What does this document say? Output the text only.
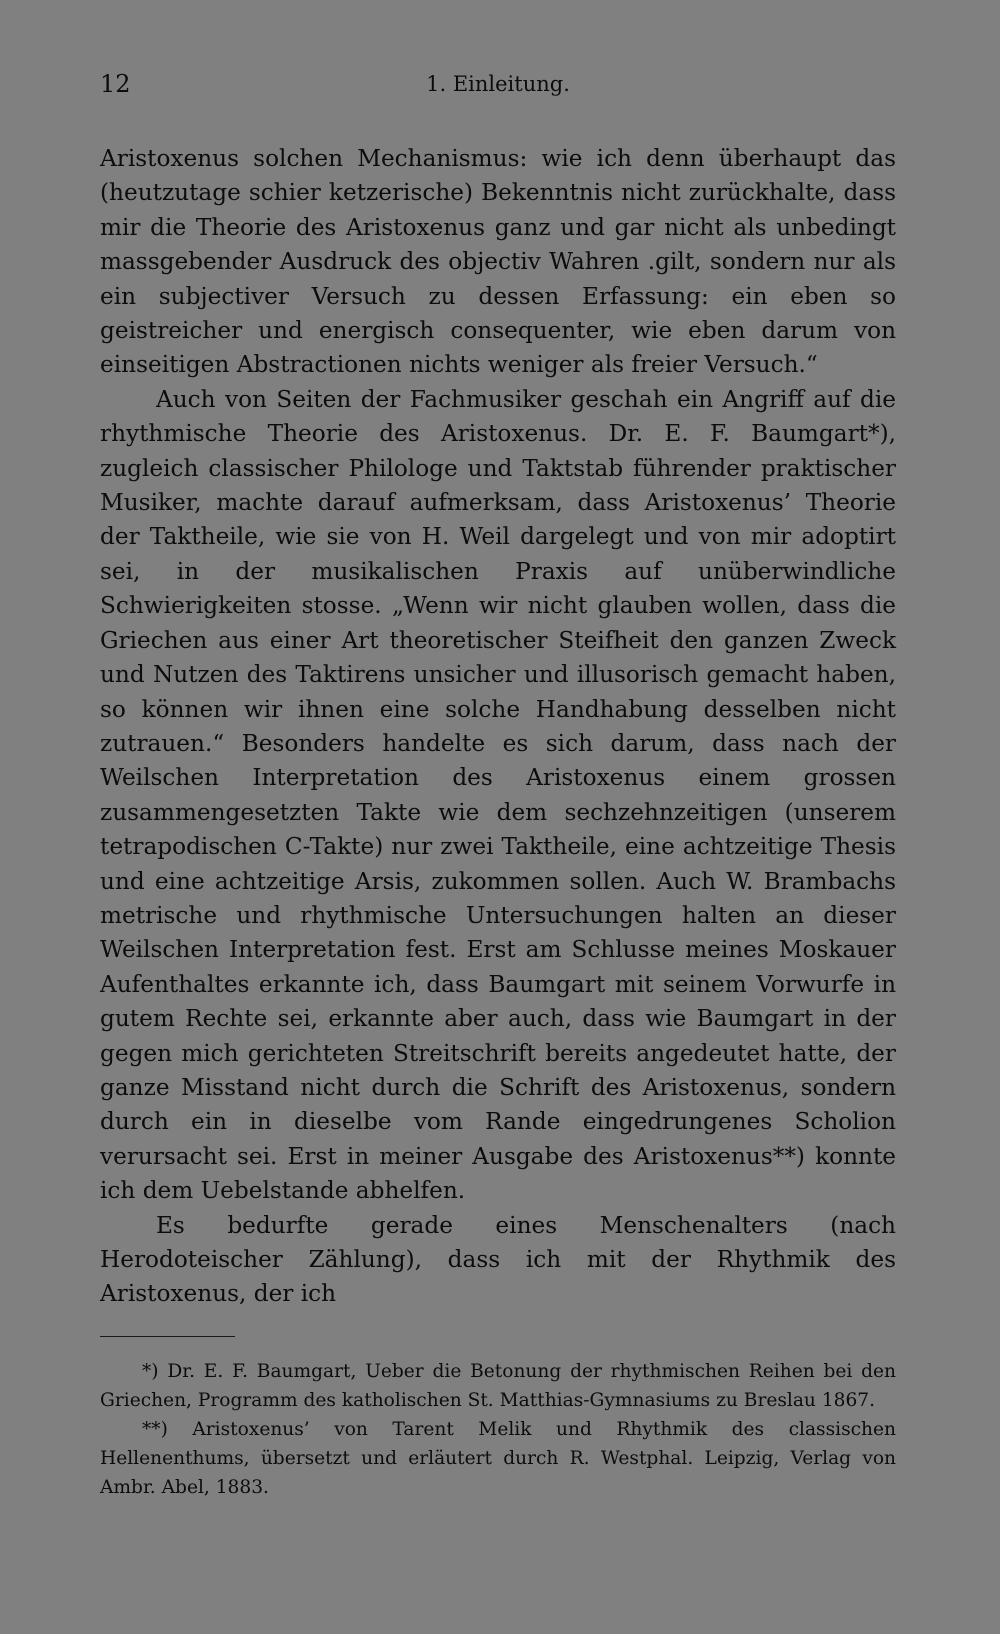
12	1. Einleitung.

Aristoxenus solchen Mechanismus: wie ich denn überhaupt das (heutzutage schier ketzerische) Bekenntnis nicht zurückhalte, dass mir die Theorie des Aristoxenus ganz und gar nicht als unbedingt massgebender Ausdruck des objectiv Wahren .gilt, sondern nur als ein subjectiver Versuch zu dessen Erfassung: ein eben so geistreicher und energisch consequenter, wie eben darum von einseitigen Abstractionen nichts weniger als freier Versuch.“

Auch von Seiten der Fachmusiker geschah ein Angriff auf die rhythmische Theorie des Aristoxenus. Dr. E. F. Baumgart*), zugleich classischer Philologe und Taktstab führender praktischer Musiker, machte darauf aufmerksam, dass Aristoxenus’ Theorie der Taktheile, wie sie von H. Weil dargelegt und von mir adoptirt sei, in der musikalischen Praxis auf unüberwindliche Schwierigkeiten stosse. „Wenn wir nicht glauben wollen, dass die Griechen aus einer Art theoretischer Steifheit den ganzen Zweck und Nutzen des Taktirens unsicher und illusorisch gemacht haben, so können wir ihnen eine solche Handhabung desselben nicht zutrauen.“ Besonders handelte es sich darum, dass nach der Weilschen Interpretation des Aristoxenus einem grossen zusammengesetzten Takte wie dem sechzehnzeitigen (unserem tetrapodischen C-Takte) nur zwei Taktheile, eine achtzeitige Thesis und eine achtzeitige Arsis, zukommen sollen. Auch W. Brambachs metrische und rhythmische Untersuchungen halten an dieser Weilschen Interpretation fest. Erst am Schlusse meines Moskauer Aufenthaltes erkannte ich, dass Baumgart mit seinem Vorwurfe in gutem Rechte sei, erkannte aber auch, dass wie Baumgart in der gegen mich gerichteten Streitschrift bereits angedeutet hatte, der ganze Misstand nicht durch die Schrift des Aristoxenus, sondern durch ein in dieselbe vom Rande eingedrungenes Scholion verursacht sei. Erst in meiner Ausgabe des Aristoxenus**) konnte ich dem Uebelstande abhelfen.

Es bedurfte gerade eines Menschenalters (nach Herodoteischer Zählung), dass ich mit der Rhythmik des Aristoxenus, der ich

*) Dr. E. F. Baumgart, Ueber die Betonung der rhythmischen Reihen bei den Griechen, Programm des katholischen St. Matthias-Gymnasiums zu Breslau 1867.

**) Aristoxenus’ von Tarent Melik und Rhythmik des classischen Hellenenthums, übersetzt und erläutert durch R. Westphal. Leipzig, Verlag von Ambr. Abel, 1883.
